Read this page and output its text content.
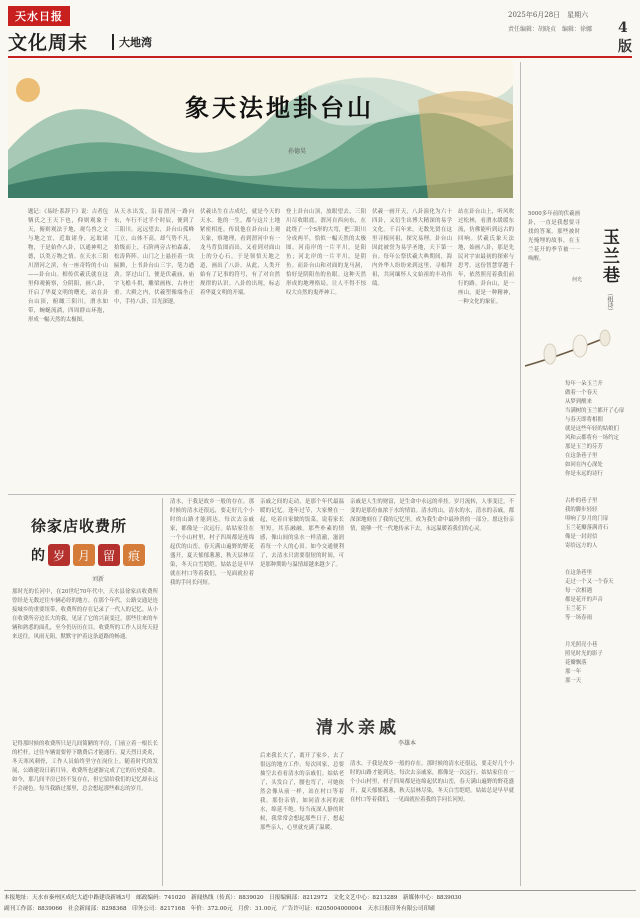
天水日报
文化周末	大地湾
2025年6月28日　星期六
责任编辑：胡晓贞　编辑：徐娜 4版
象天法地卦台山
孙德昊
题记：《易经·系辞下》说：古者包牺氏之王天下也，仰则观象于天，俯则观法于地，观鸟兽之文与地之宜，近取诸身，远取诸物，于是始作八卦，以通神明之德，以类万物之情。在天水三阳川渭河之滨，有一座奇特的小山——卦台山。相传伏羲氏就在这里仰观俯察，分阴阳，画八卦，开启了华夏文明的曙光。站在卦台山顶，俯瞰三阳川，渭水如带，蜿蜒流淌，四周群山环抱，形成一幅天然的太极图。
从天水出发，沿着渭河一路向东，车行不过半个时辰，便到了三阳川。远远望去，卦台山孤峰兀立，山体不高，却气势不凡。拾级而上，石阶两旁古柏森森，松涛阵阵。山门之上悬挂着一块匾额，上书卦台山三字，笔力遒劲。穿过山门，便是伏羲庙，庙宇飞檐斗拱，雕梁画栋，古朴庄重。大殿之内，伏羲塑像端坐正中，手持八卦，目光深邃。
伏羲出生在古成纪，就是今天的天水。他的一生，都与这片土地紧密相连。传说他在卦台山上观天象，察地理，看到渭河中有一龙马背负图而出，又看到对面山上的分心石，于是领悟天地之道，画出了八卦。从此，人类开始有了记事的符号，有了对自然规律的认识。八卦的出现，标志着华夏文明的开端。
登上卦台山顶，放眼望去，三阳川尽收眼底。渭河自西向东，在此绕了一个S形的大弯，把三阳川分成两半，恰似一幅天然的太极图。河南岸的一片平川，是阳鱼；河北岸的一片平川，是阴鱼。而卦台山和对面的龙马洞，恰好是阴阳鱼的鱼眼。这种天然形成的地理格局，让人不得不惊叹大自然的鬼斧神工。
伏羲一画开天，八卦演化为六十四卦，又衍生出博大精深的易学文化。千百年来，无数先贤在这里寻根问祖，探究易理。卦台山因此被誉为易学圣地，天下第一台。每年公祭伏羲大典期间，海内外华人纷纷来到这里，寻根拜祖，共同缅怀人文始祖的丰功伟绩。
站在卦台山上，听风吹过松林，看渭水缓缓东流，仿佛能听到远古的回响。伏羲氏象天法地，始画八卦，那是先民对宇宙最初的探索与思考。这份智慧穿越千年，依然照亮着我们前行的路。卦台山，是一座山，更是一种精神，一种文化的象征。
玉兰巷
（组诗）
何光
5000多年前的伏羲画卦，一直是我想要寻找的答案。那些被时光掩埋的故事，在玉兰花开的季节被一一唤醒。

每年一朵玉兰开

做着一个春天

从梦到醒来

当满树的玉兰都开了心扉

与春天即将相拥

就是这些年轻的姑娘们

风和云都将有一场约定

那是玉兰的芬芳

在这条巷子里

如同在内心深处

你是永远的诗行

古朴的巷子里

我的脚步轻轻

叩响了岁月的门扉

玉兰花瓣落满青石

像是一封封信

寄给远方的人

在这条巷里

走过一个又一个春天

每一次相遇

都是花开的声音

玉兰花下

等一场春雨

月光照亮小巷

照见时光的影子

花瓣飘落

那一年

那一天

徐家店收费所
的 岁	月	留	痕
刘新
那时光的长河中，在20世纪70年代中，天水县徐家店收费所曾经是无数过往车辆必经的地方。在那个年代，公路交通是连接城乡的重要纽带，收费所的存在记录了一代人的记忆。从小在收费所旁边长大的我，见证了它的兴衰变迁，那些往来的车辆和熟悉的面孔，至今仍历历在目。收费所的工作人员每天迎来送往，风雨无阻，默默守护着这条道路的畅通。
记得那时候的收费所只是几间简陋的平房，门前立着一根长长的栏杆，过往车辆需要停下缴费后才能通行。夏天烈日炎炎，冬天寒风刺骨，工作人员始终坚守在岗位上。随着时代的发展，公路建设日新月异，收费所也逐渐完成了它的历史使命。如今，那几间平房已经不复存在，但它留给我们的记忆却永远不会褪色。每当我路过那里，总会想起那些难忘的岁月。
清水，于我是故乡一般的存在。那时候的清水还很远，要走好几个小时的山路才能到达。每次去亲戚家，都像是一次远行。姑姑家住在一个小山村里，村子四周都是连绵起伏的山峦，春天满山遍野的野花盛开，夏天郁郁葱葱，秋天层林尽染，冬天白雪皑皑。姑姑总是早早就在村口等着我们，一见面就拉着我的手问长问短。
亲戚之间的走动，是那个年代最温暖的记忆。逢年过节，大家聚在一起，吃着自家做的饭菜，说着家长里短，其乐融融。那些朴素的情感，像山间的泉水一样清澈，滋润着每一个人的心田。如今交通便利了，去清水只需要很短的时间，可是那种期盼与温情却越来越少了。
清水亲戚
李雄本
后来我长大了，离开了家乡，去了很远的地方工作。每次回家，总要抽空去看看清水的亲戚们。姑姑老了，头发白了，腰也弯了，可她依然会像从前一样，站在村口等着我。那份亲情，如同清水河的流水，绵延不绝。每当夜深人静的时候，我常常会想起那些日子，想起那些亲人，心里就充满了温暖。
亲戚是人生的财富，是生命中永远的牵挂。岁月流转，人事变迁，不变的是那份血浓于水的情谊。清水的山，清水的水，清水的亲戚，都深深地刻在了我的记忆里，成为我生命中最珍贵的一部分。愿这份亲情，能够一代一代地传承下去，永远温暖着我们的心灵。
清水，于我是故乡一般的存在。那时候的清水还很远，要走好几个小时的山路才能到达。每次去亲戚家，都像是一次远行。姑姑家住在一个小山村里，村子四周都是连绵起伏的山峦，春天满山遍野的野花盛开，夏天郁郁葱葱，秋天层林尽染，冬天白雪皑皑。姑姑总是早早就在村口等着我们，一见面就拉着我的手问长问短。
本报地址：天水市秦州区成纪大道中路建设新城3号　邮政编码：741020　新闻热线（传真）：8839020　日报编辑部：8212972　文化文艺中心：8213289　新媒体中心：8839030
副刊工作部：8839066　社会新闻部：8298368　印务公司：8217168　年价：372.00元　月价：31.00元　广告许可证：6205004000004　天水日报印务有限公司印刷
